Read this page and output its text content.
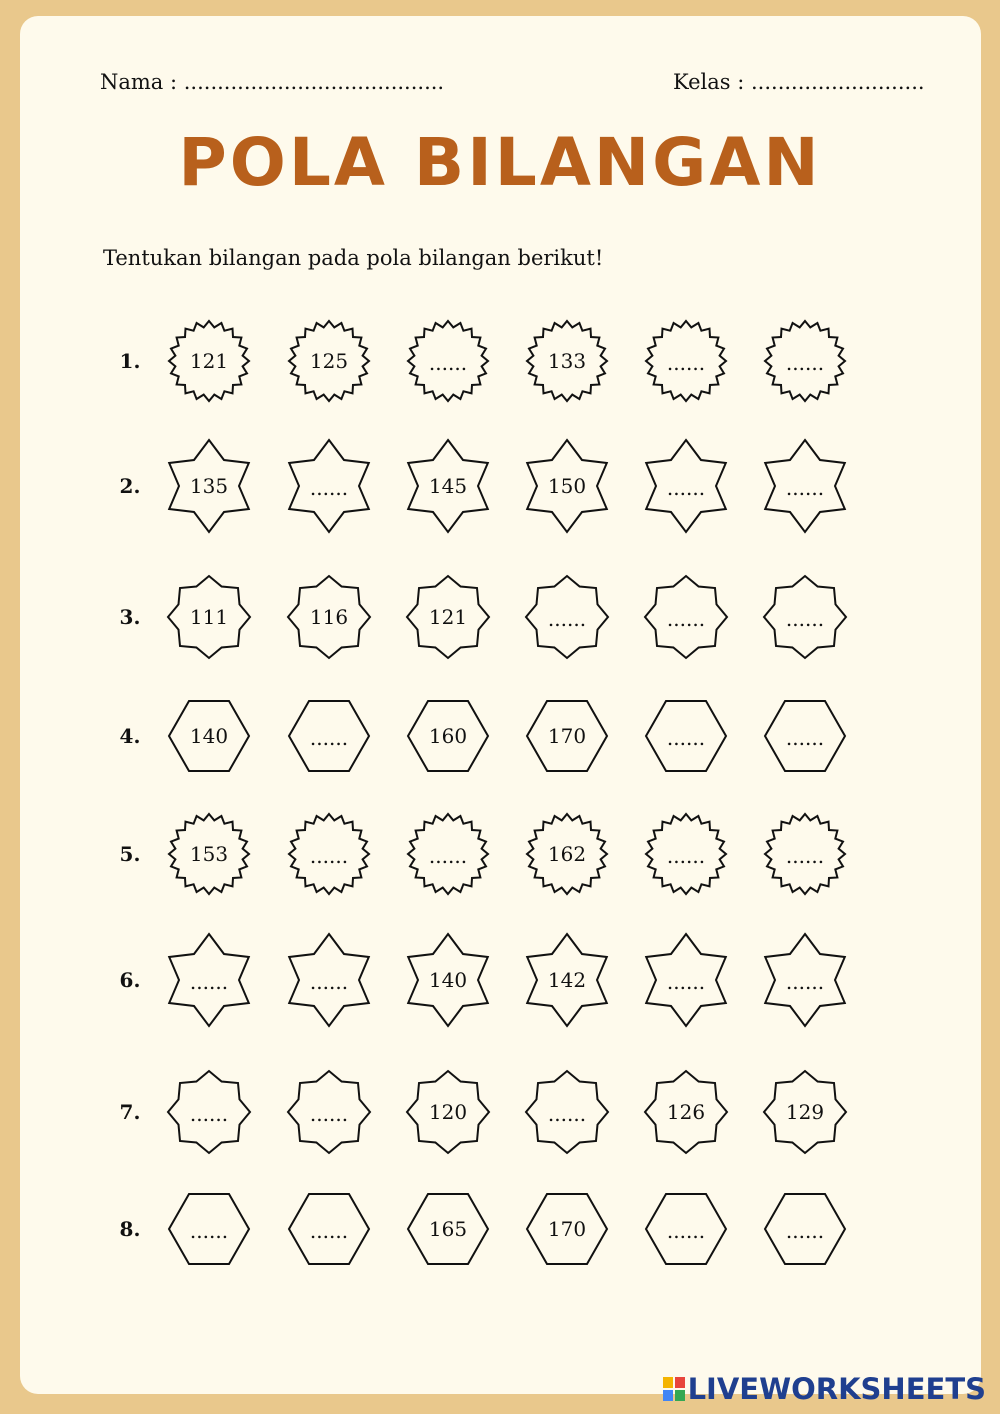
Nama : .......................................	Kelas : ..........................
POLA BILANGAN
Tentukan bilangan pada pola bilangan berikut!
1.	121	125	......	133	......	......
2.	135	......	145	150	......	......
3.	111	116	121	......	......	......
4.	140	......	160	170	......	......
5.	153	......	......	162	......	......
6.	......	......	140	142	......	......
7.	......	......	120	......	126	129
8.	......	......	165	170	......	......
LIVEWORKSHEETS
